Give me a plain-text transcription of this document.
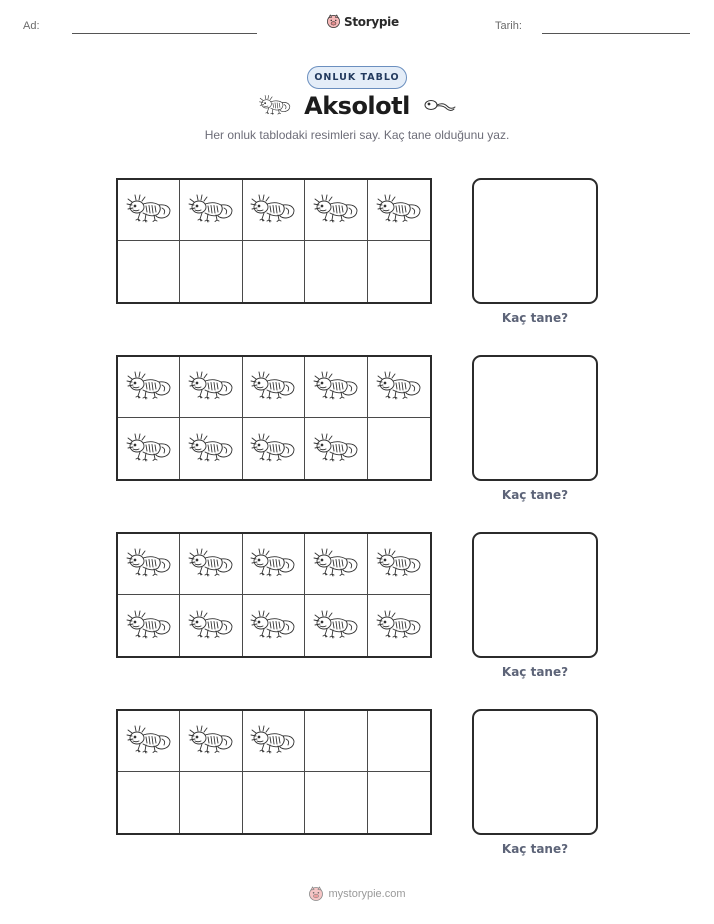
Ad:	Storypie	Tarih:
ONLUK TABLO
Aksolotl
Her onluk tablodaki resimleri say. Kaç tane olduğunu yaz.
Kaç tane?
Kaç tane?
Kaç tane?
Kaç tane?
mystorypie.com
